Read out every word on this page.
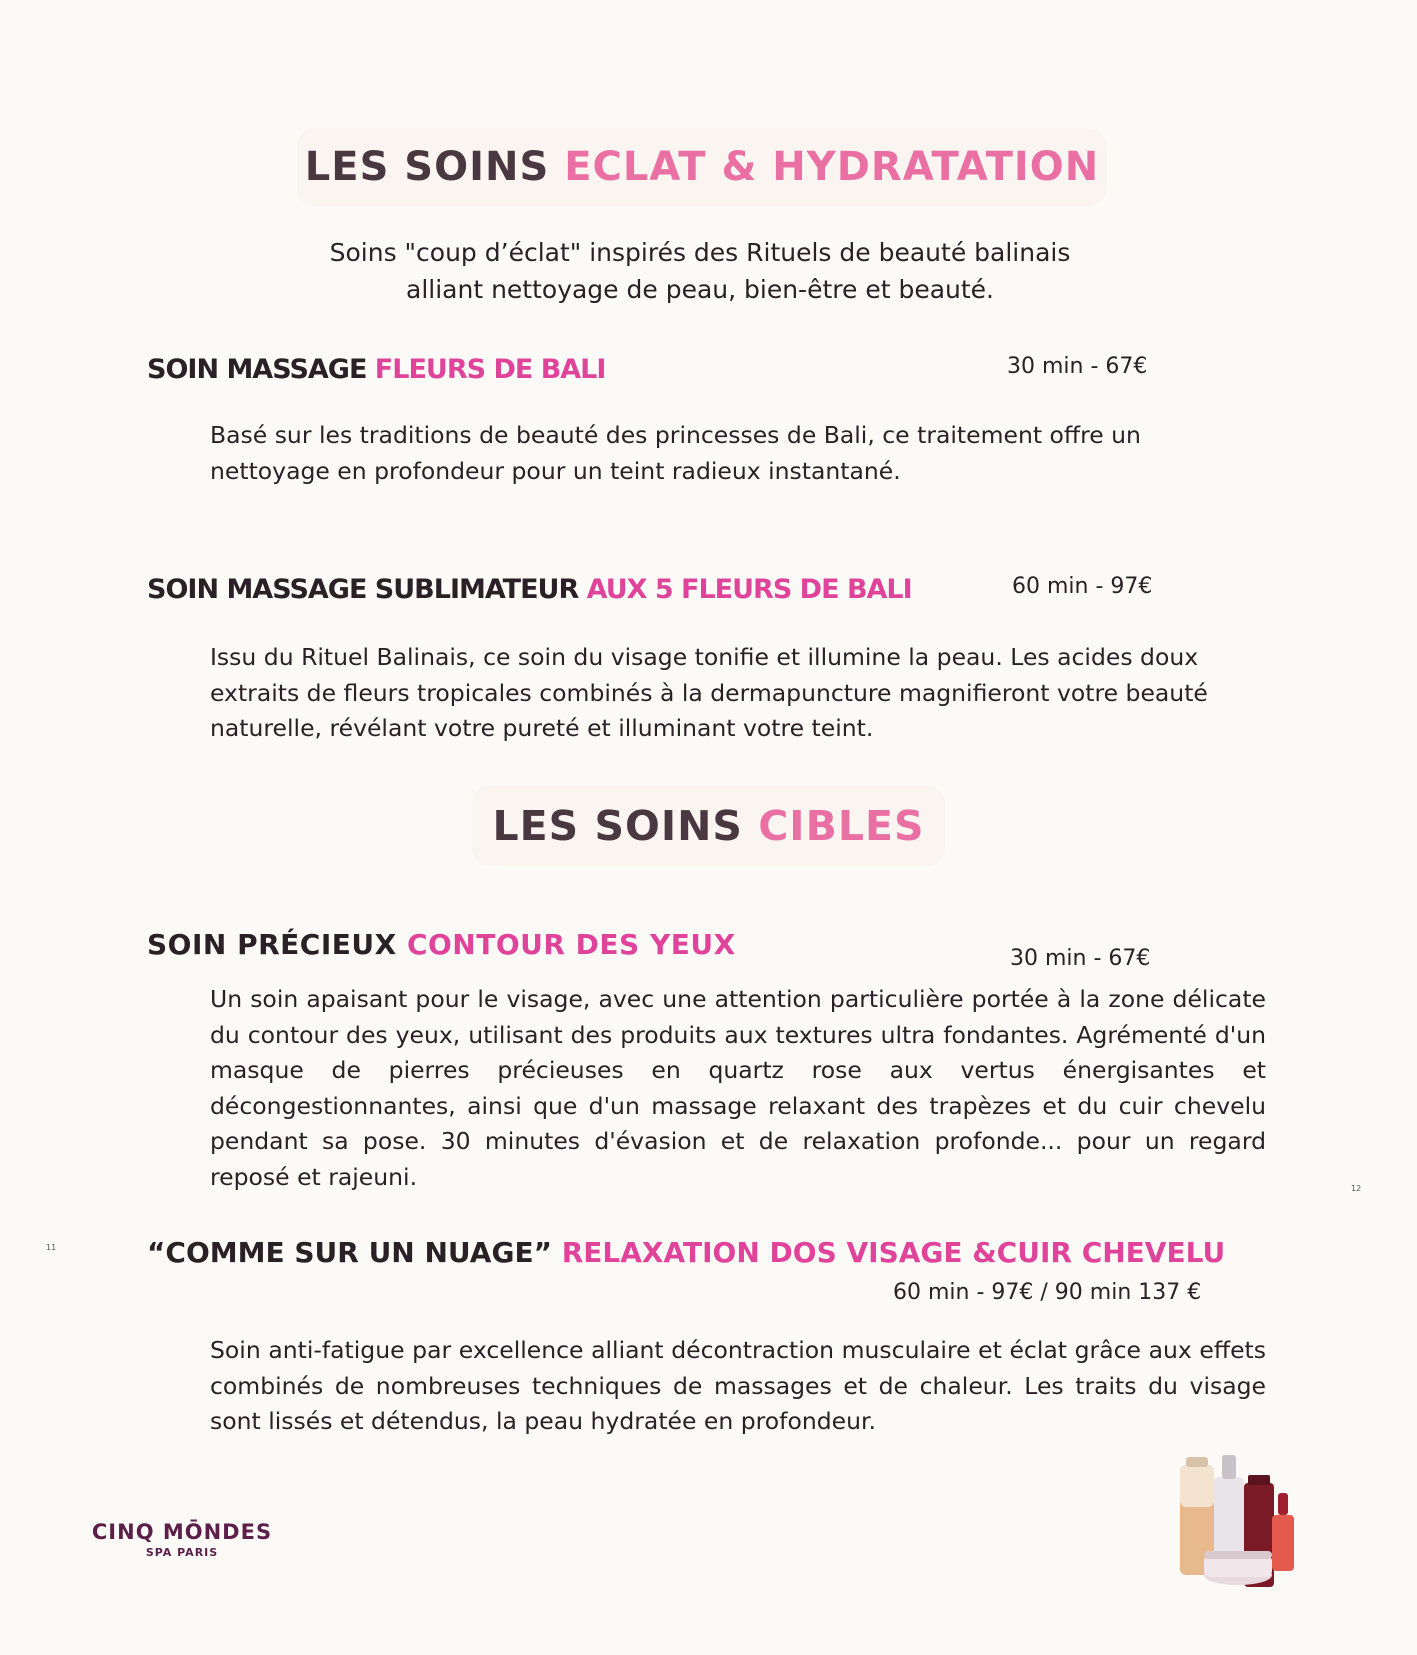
LES SOINS
ECLAT & HYDRATATION
Soins "coup d’éclat" inspirés des Rituels de beauté balinais
alliant nettoyage de peau, bien-être et beauté.
SOIN MASSAGE FLEURS DE BALI	30 min - 67€
Basé sur les traditions de beauté des princesses de Bali, ce traitement offre un nettoyage en profondeur pour un teint radieux instantané.
SOIN MASSAGE SUBLIMATEUR AUX 5 FLEURS DE BALI	60 min - 97€
Issu du Rituel Balinais, ce soin du visage tonifie et illumine la peau. Les acides doux extraits de fleurs tropicales combinés à la dermapuncture magnifieront votre beauté naturelle, révélant votre pureté et illuminant votre teint.
LES SOINS
CIBLES
SOIN PRÉCIEUX CONTOUR DES YEUX	30 min - 67€
Un soin apaisant pour le visage, avec une attention particulière portée à la zone délicate du contour des yeux, utilisant des produits aux textures ultra fondantes. Agrémenté d'un masque de pierres précieuses en quartz rose aux vertus énergisantes et décongestionnantes, ainsi que d'un massage relaxant des trapèzes et du cuir chevelu pendant sa pose. 30 minutes d'évasion et de relaxation profonde... pour un regard reposé et rajeuni.
“COMME SUR UN NUAGE” RELAXATION DOS VISAGE &CUIR CHEVELU
60 min - 97€ / 90 min 137 €
Soin anti-fatigue par excellence alliant décontraction musculaire et éclat grâce aux effets combinés de nombreuses techniques de massages et de chaleur. Les traits du visage sont lissés et détendus, la peau hydratée en profondeur.
11
12
CINQ MŌNDES
SPA PARIS
